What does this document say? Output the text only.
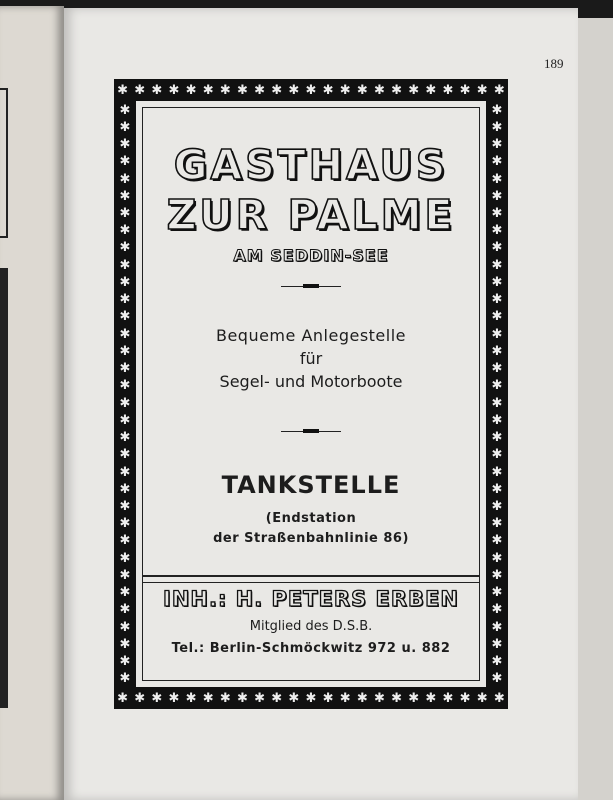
189
✱ ✱ ✱ ✱ ✱ ✱ ✱ ✱ ✱ ✱ ✱ ✱ ✱ ✱ ✱ ✱ ✱ ✱ ✱ ✱ ✱ ✱ ✱
✱ ✱ ✱ ✱ ✱ ✱ ✱ ✱ ✱ ✱ ✱ ✱ ✱ ✱ ✱ ✱ ✱ ✱ ✱ ✱ ✱ ✱ ✱
✱
✱
✱
✱
✱
✱
✱
✱
✱
✱
✱
✱
✱
✱
✱
✱
✱
✱
✱
✱
✱
✱
✱
✱
✱
✱
✱
✱
✱
✱
✱
✱
✱
✱
✱
✱
✱
✱
✱
✱
✱
✱
✱
✱
✱
✱
✱
✱
✱
✱
✱
✱
✱
✱
✱
✱
✱
✱
✱
✱
✱
✱
✱
✱
✱
✱
✱
✱
GASTHAUS
ZUR PALME
AM SEDDIN-SEE
Bequeme Anlegestelle
für
Segel- und Motorboote
TANKSTELLE
(Endstation
der Straßenbahnlinie 86)
INH.: H. PETERS ERBEN
Mitglied des D.S.B.
Tel.: Berlin-Schmöckwitz 972 u. 882
